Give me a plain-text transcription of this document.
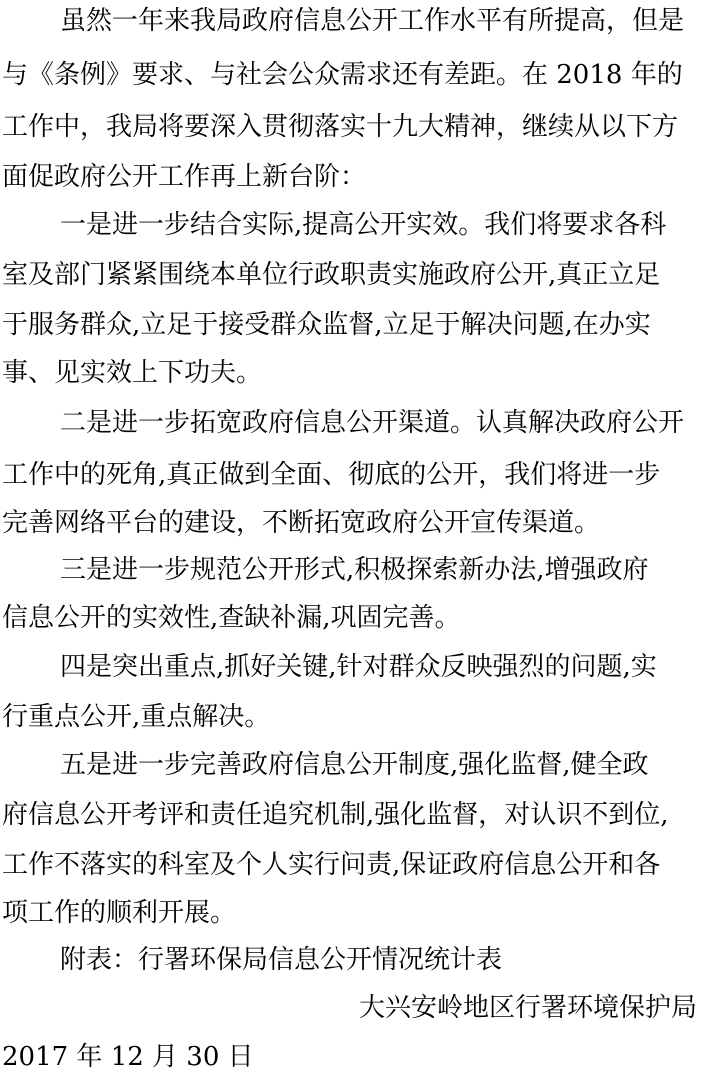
虽然一年来我局政府信息公开工作水平有所提高，但是
与《条例》要求、与社会公众需求还有差距。在 2018 年的
工作中，我局将要深入贯彻落实十九大精神，继续从以下方
面促政府公开工作再上新台阶：
一是进一步结合实际,提高公开实效。我们将要求各科
室及部门紧紧围绕本单位行政职责实施政府公开,真正立足
于服务群众,立足于接受群众监督,立足于解决问题,在办实
事、见实效上下功夫。
二是进一步拓宽政府信息公开渠道。认真解决政府公开
工作中的死角,真正做到全面、彻底的公开，我们将进一步
完善网络平台的建设，不断拓宽政府公开宣传渠道。
三是进一步规范公开形式,积极探索新办法,增强政府
信息公开的实效性,查缺补漏,巩固完善。
四是突出重点,抓好关键,针对群众反映强烈的问题,实
行重点公开,重点解决。
五是进一步完善政府信息公开制度,强化监督,健全政
府信息公开考评和责任追究机制,强化监督，对认识不到位,
工作不落实的科室及个人实行问责,保证政府信息公开和各
项工作的顺利开展。
附表：行署环保局信息公开情况统计表
大兴安岭地区行署环境保护局
2017 年 12 月 30 日
